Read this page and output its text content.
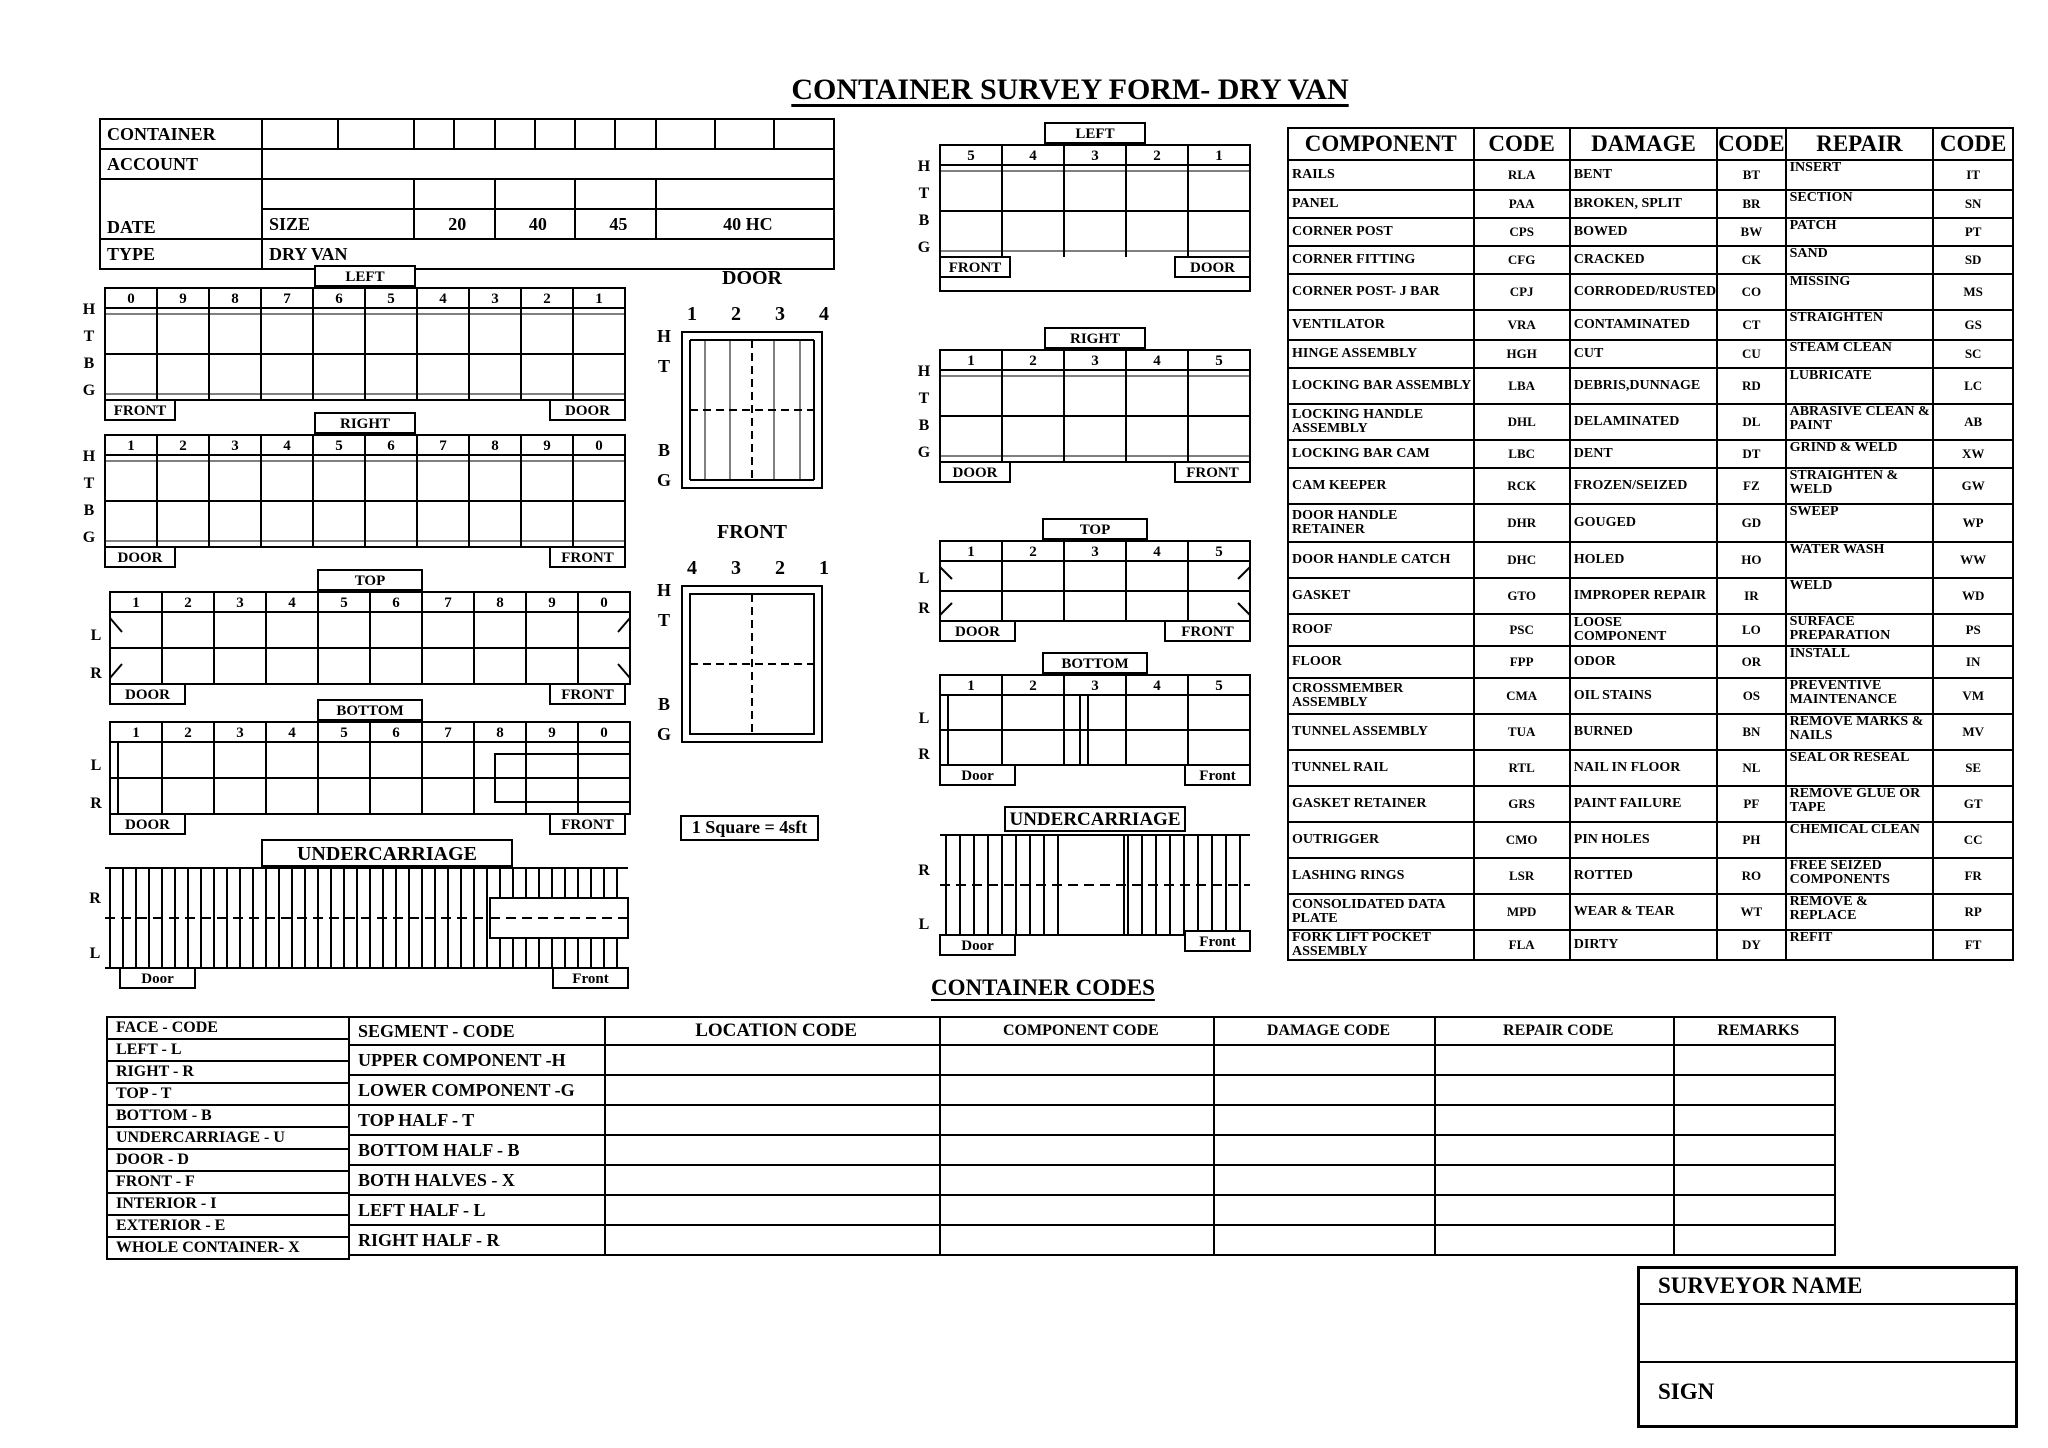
CONTAINER SURVEY FORM- DRY VAN
CONTAINER											
ACCOUNT											
DATE											
	SIZE		20		40		45		40 HC		
TYPE	DRY VAN										
LEFT
0	9	8	7	6	5	4	3	2	1
H
T
B
G
FRONT	DOOR
RIGHT
1	2	3	4	5	6	7	8	9	0
H
T
B
G
DOOR	FRONT
TOP
1	2	3	4	5	6	7	8	9	0
L
R
DOOR	FRONT
BOTTOM
1	2	3	4	5	6	7	8	9	0
L
R
DOOR	FRONT
UNDERCARRIAGE
R
L
Door	Front
DOOR
1 2 3 4
H
T
B
G
FRONT
4 3 2 1
H
T
B
G
LEFT
5	4	3	2	1
H
T
B
G
FRONT	DOOR
RIGHT
1	2	3	4	5
H
T
B
G
DOOR	FRONT
TOP
1	2	3	4	5
L
R
DOOR	FRONT
BOTTOM
1	2	3	4	5
L
R
Door	Front
UNDERCARRIAGE
R
L
Door	Front
1 Square = 4sft
COMPONENT	CODE	DAMAGE	CODE	REPAIR	CODE
RAILS	RLA	BENT	BT	INSERT	IT
PANEL	PAA	BROKEN, SPLIT	BR	SECTION	SN
CORNER POST	CPS	BOWED	BW	PATCH	PT
CORNER FITTING	CFG	CRACKED	CK	SAND	SD
CORNER POST- J BAR	CPJ	CORRODED/RUSTED	CO	MISSING	MS
VENTILATOR	VRA	CONTAMINATED	CT	STRAIGHTEN	GS
HINGE ASSEMBLY	HGH	CUT	CU	STEAM CLEAN	SC
LOCKING BAR ASSEMBLY	LBA	DEBRIS,DUNNAGE	RD	LUBRICATE	LC
LOCKING HANDLE ASSEMBLY	DHL	DELAMINATED	DL	ABRASIVE CLEAN & PAINT	AB
LOCKING BAR CAM	LBC	DENT	DT	GRIND & WELD	XW
CAM KEEPER	RCK	FROZEN/SEIZED	FZ	STRAIGHTEN & WELD	GW
DOOR HANDLE RETAINER	DHR	GOUGED	GD	SWEEP	WP
DOOR HANDLE CATCH	DHC	HOLED	HO	WATER WASH	WW
GASKET	GTO	IMPROPER REPAIR	IR	WELD	WD
ROOF	PSC	LOOSE COMPONENT	LO	SURFACE PREPARATION	PS
FLOOR	FPP	ODOR	OR	INSTALL	IN
CROSSMEMBER ASSEMBLY	CMA	OIL STAINS	OS	PREVENTIVE MAINTENANCE	VM
TUNNEL ASSEMBLY	TUA	BURNED	BN	REMOVE MARKS & NAILS	MV
TUNNEL RAIL	RTL	NAIL IN FLOOR	NL	SEAL OR RESEAL	SE
GASKET RETAINER	GRS	PAINT FAILURE	PF	REMOVE GLUE OR TAPE	GT
OUTRIGGER	CMO	PIN HOLES	PH	CHEMICAL CLEAN	CC
LASHING RINGS	LSR	ROTTED	RO	FREE SEIZED COMPONENTS	FR
CONSOLIDATED DATA PLATE	MPD	WEAR & TEAR	WT	REMOVE & REPLACE	RP
FORK LIFT POCKET ASSEMBLY	FLA	DIRTY	DY	REFIT	FT
CONTAINER CODES
FACE - CODE
LEFT - L
RIGHT - R
TOP - T
BOTTOM - B
UNDERCARRIAGE - U
DOOR - D
FRONT - F
INTERIOR - I
EXTERIOR - E
WHOLE CONTAINER- X
SEGMENT - CODE	LOCATION CODE	COMPONENT CODE	DAMAGE CODE	REPAIR CODE	REMARKS
UPPER COMPONENT -H					
LOWER COMPONENT -G					
TOP HALF - T					
BOTTOM HALF - B					
BOTH HALVES - X					
LEFT HALF - L					
RIGHT HALF - R					
SURVEYOR NAME
SIGN
